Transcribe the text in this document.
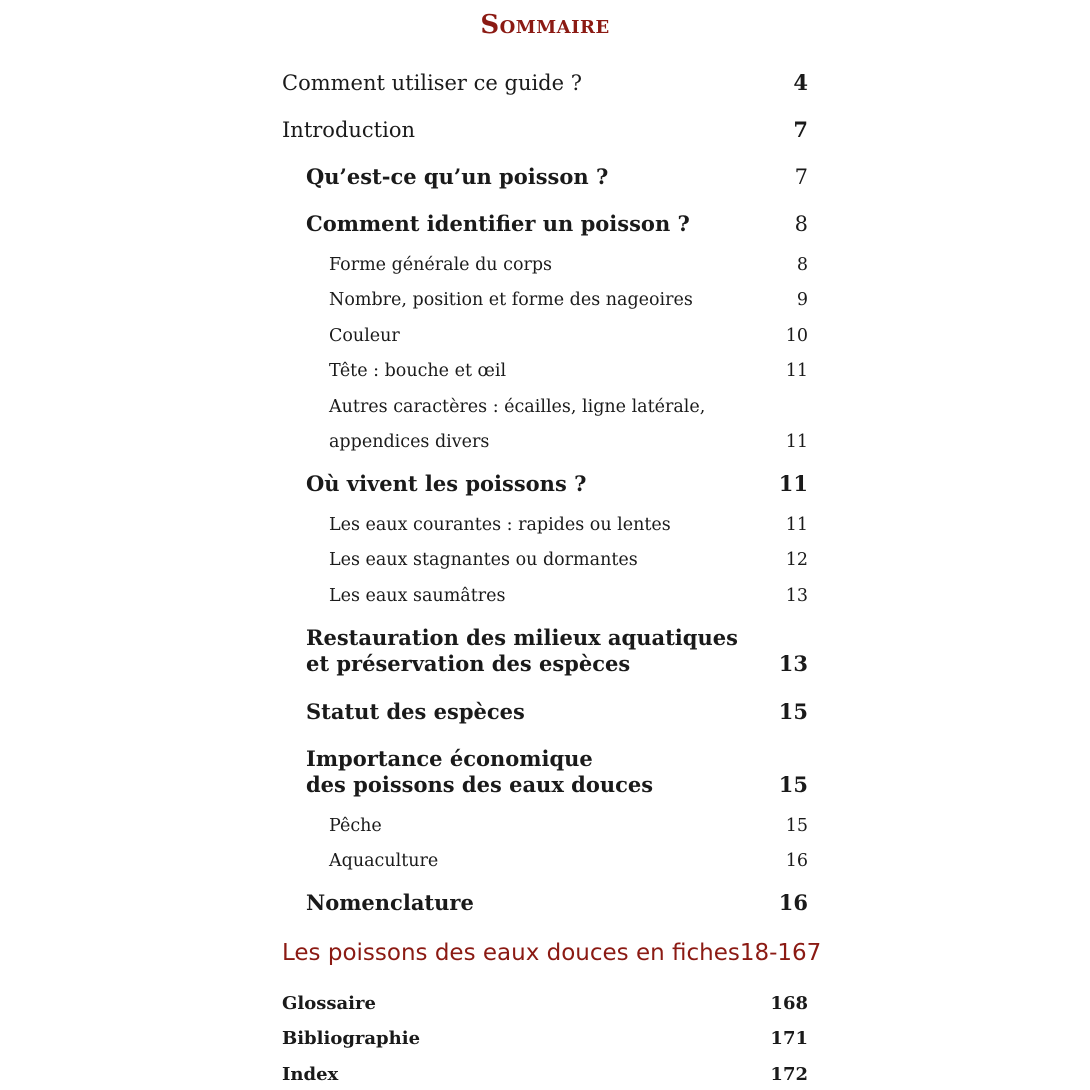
Sommaire
Comment utiliser ce guide ?	4
Introduction	7
Qu’est-ce qu’un poisson ?	7
Comment identifier un poisson ?	8
Forme générale du corps	8
Nombre, position et forme des nageoires	9
Couleur	10
Tête : bouche et œil	11
Autres caractères : écailles, ligne latérale,
appendices divers	11
Où vivent les poissons ?	11
Les eaux courantes : rapides ou lentes	11
Les eaux stagnantes ou dormantes	12
Les eaux saumâtres	13
Restauration des milieux aquatiques
et préservation des espèces	13
Statut des espèces	15
Importance économique
des poissons des eaux douces	15
Pêche	15
Aquaculture	16
Nomenclature	16
Les poissons des eaux douces en fiches 18-167
Glossaire	168
Bibliographie	171
Index	172
